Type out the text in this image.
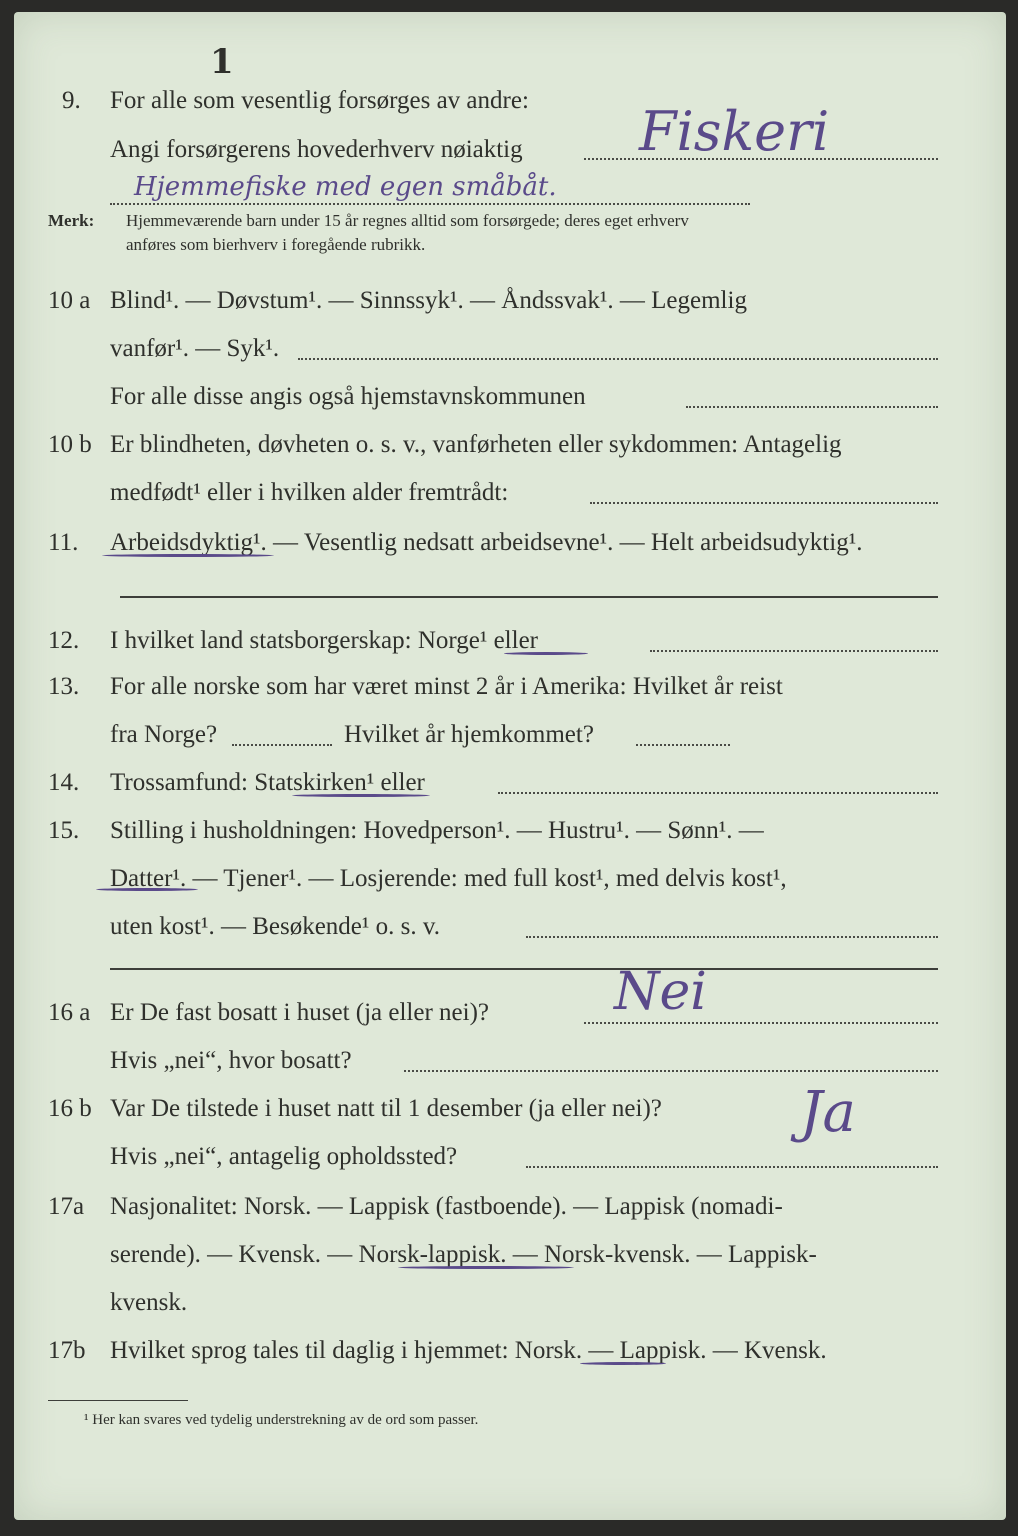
9. For alle som vesentlig forsørges av andre:
1
Angi forsørgerens hovederhverv nøiaktig Fiskeri
Hjemmefiske med egen småbåt.
Merk: Hjemmeværende barn under 15 år regnes alltid som forsørgede; deres eget erhverv
anføres som bierhverv i foregående rubrikk.
10 a Blind¹. — Døvstum¹. — Sinnssyk¹. — Åndssvak¹. — Legemlig
vanfør¹. — Syk¹.
For alle disse angis også hjemstavnskommunen
10 b Er blindheten, døvheten o. s. v., vanførheten eller sykdommen: Antagelig
medfødt¹ eller i hvilken alder fremtrådt:
11. Arbeidsdyktig¹. — Vesentlig nedsatt arbeidsevne¹. — Helt arbeidsudyktig¹.
12. I hvilket land statsborgerskap: Norge¹ eller
13. For alle norske som har været minst 2 år i Amerika: Hvilket år reist
fra Norge?	Hvilket år hjemkommet?
14. Trossamfund: Statskirken¹ eller
15. Stilling i husholdningen: Hovedperson¹. — Hustru¹. — Sønn¹. —
Datter¹. — Tjener¹. — Losjerende: med full kost¹, med delvis kost¹,
uten kost¹. — Besøkende¹ o. s. v.
16 a Er De fast bosatt i huset (ja eller nei)? Nei
Hvis „nei“, hvor bosatt?
16 b Var De tilstede i huset natt til 1 desember (ja eller nei)? Ja
Hvis „nei“, antagelig opholdssted?
17a Nasjonalitet: Norsk. — Lappisk (fastboende). — Lappisk (nomadi-
serende). — Kvensk. — Norsk-lappisk. — Norsk-kvensk. — Lappisk-
kvensk.
17b Hvilket sprog tales til daglig i hjemmet: Norsk. — Lappisk. — Kvensk.
¹ Her kan svares ved tydelig understrekning av de ord som passer.
